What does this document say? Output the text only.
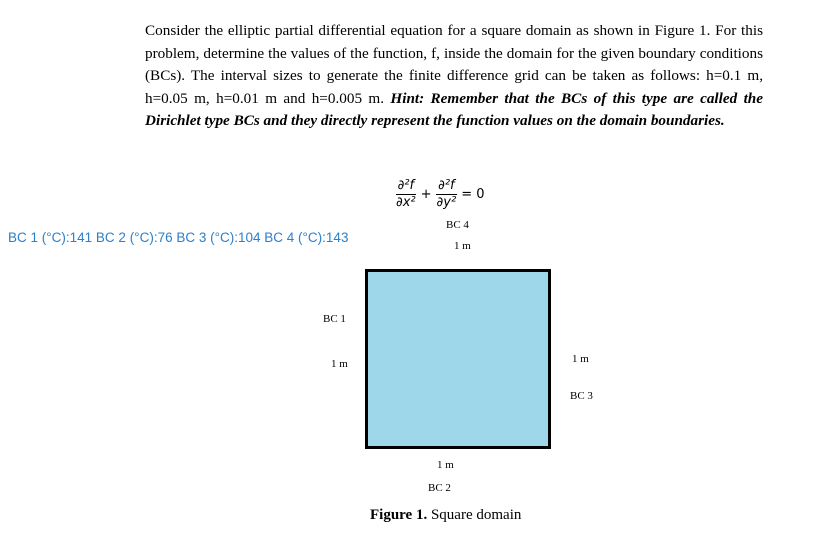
Consider the elliptic partial differential equation for a square domain as shown in Figure 1. For this problem, determine the values of the function, f, inside the domain for the given boundary conditions (BCs). The interval sizes to generate the finite difference grid can be taken as follows: h=0.1 m, h=0.05 m, h=0.01 m and h=0.005 m. Hint: Remember that the BCs of this type are called the Dirichlet type BCs and they directly represent the function values on the domain boundaries.
BC 1 (°C):141 BC 2 (°C):76 BC 3 (°C):104 BC 4 (°C):143
$\frac{\text{∂²f}}{\text{∂x²}} + \frac{\text{∂²f}}{\text{∂y²}} = 0$
BC 4
1 m
BC 1
1 m	1 m
BC 3
1 m
BC 2
Figure 1. Square domain
